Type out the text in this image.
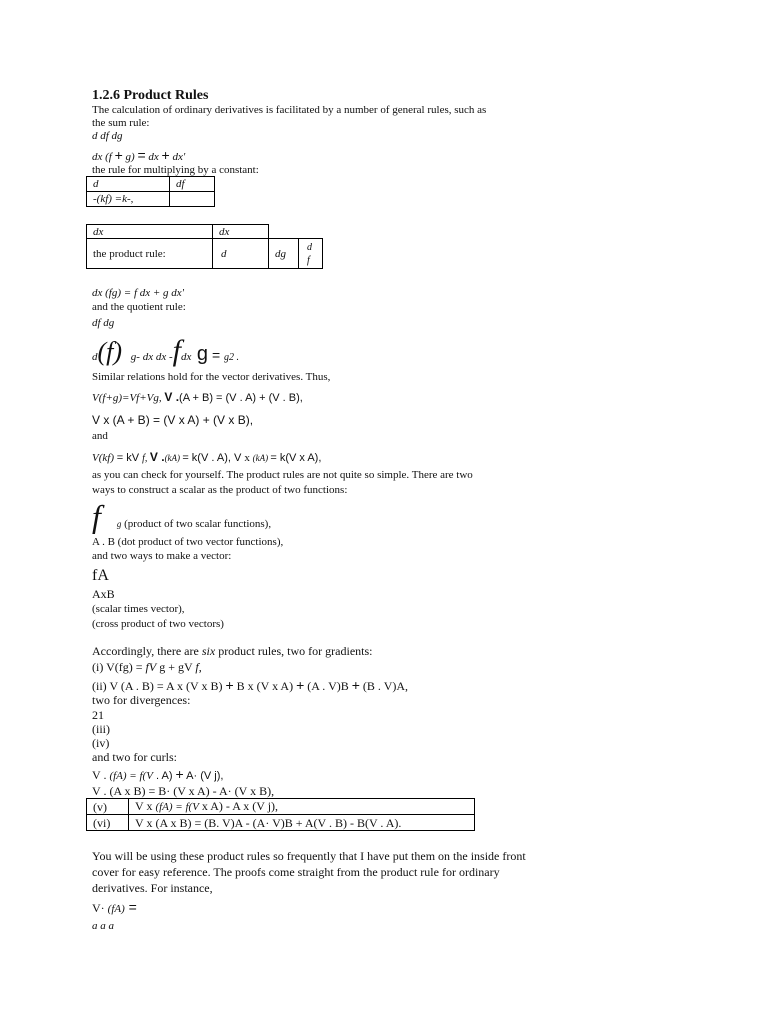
1.2.6 Product Rules

The calculation of ordinary derivatives is facilitated by a number of general rules, such as

the sum rule:

d df dg

dx (f + g) = dx + dx'

the rule for multiplying by a constant:

d	df
-(kf) =k-,	
dx	dx		
the product rule:	d	dg	d
f

dx (fg) = f dx + g dx'

and the quotient rule:

df dg

d(f) g- dx dx -fdx g = g2 .

Similar relations hold for the vector derivatives. Thus,

V(f+g)=Vf+Vg, V .(A + B) = (V . A) + (V . B),

V x (A + B) = (V x A) + (V x B),

and

V(kf) = kV f, V .(kA) = k(V . A), V x (kA) = k(V x A),

as you can check for yourself. The product rules are not quite so simple. There are two

ways to construct a scalar as the product of two functions:

f g (product of two scalar functions),

A . B (dot product of two vector functions),

and two ways to make a vector:

fA

AxB

(scalar times vector),

(cross product of two vectors)

Accordingly, there are six product rules, two for gradients:

(i) V(fg) = fV g + gV f,

(ii) V (A . B) = A x (V x B) + B x (V x A) + (A . V)B + (B . V)A,

two for divergences:

21

(iii)

(iv)

and two for curls:

V . (fA) = f(V . A) + A· (V j),

V . (A x B) = B· (V x A) - A· (V x B),

(v)	V x (fA) = f(V x A) - A x (V j),
(vi)	V x (A x B) = (B. V)A - (A· V)B + A(V . B) - B(V . A).

You will be using these product rules so frequently that I have put them on the inside front

cover for easy reference. The proofs come straight from the product rule for ordinary

derivatives. For instance,

V· (fA) =

a a a
